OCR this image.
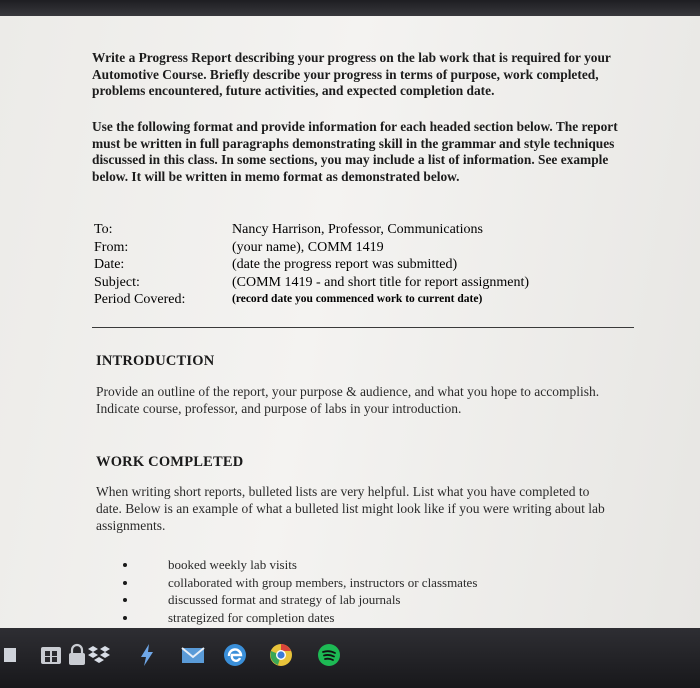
Write a Progress Report describing your progress on the lab work that is required for your Automotive Course. Briefly describe your progress in terms of purpose, work completed, problems encountered, future activities, and expected completion date.

Use the following format and provide information for each headed section below. The report must be written in full paragraphs demonstrating skill in the grammar and style techniques discussed in this class. In some sections, you may include a list of information. See example below. It will be written in memo format as demonstrated below.

To:	Nancy Harrison, Professor, Communications
From:	(your name), COMM 1419
Date:	(date the progress report was submitted)
Subject:	(COMM 1419 - and short title for report assignment)
Period Covered:	(record date you commenced work to current date)
INTRODUCTION

Provide an outline of the report, your purpose & audience, and what you hope to accomplish. Indicate course, professor, and purpose of labs in your introduction.

WORK COMPLETED

When writing short reports, bulleted lists are very helpful. List what you have completed to date. Below is an example of what a bulleted list might look like if you were writing about lab assignments.

booked weekly lab visits
collaborated with group members, instructors or classmates
discussed format and strategy of lab journals
strategized for completion dates
